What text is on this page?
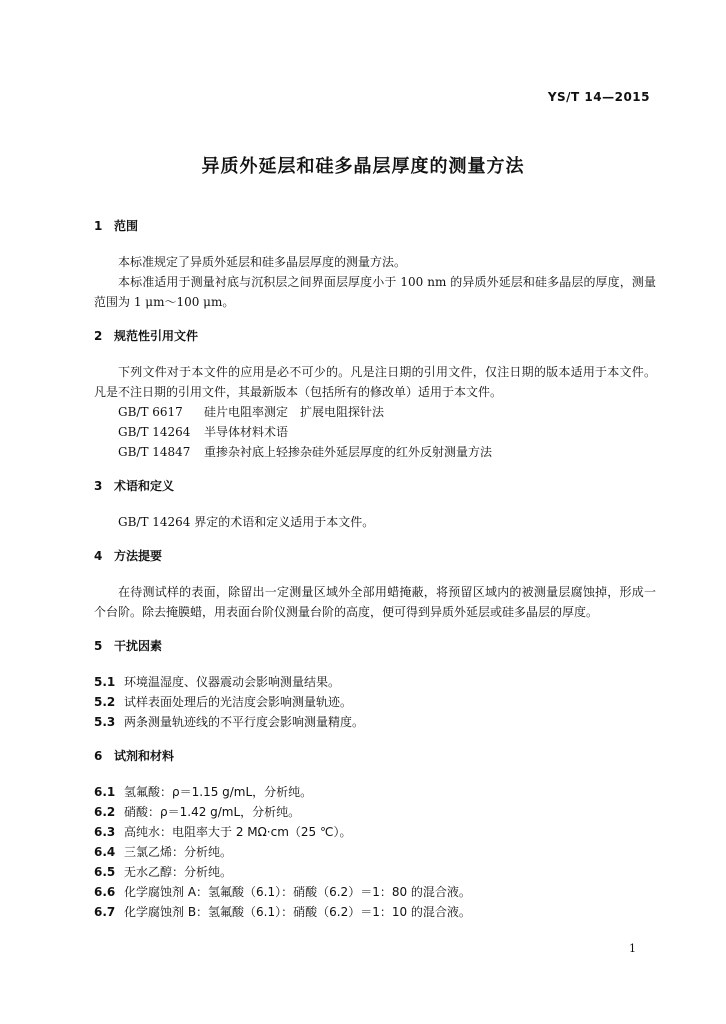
YS/T 14—2015
异质外延层和硅多晶层厚度的测量方法
1 范围
本标准规定了异质外延层和硅多晶层厚度的测量方法。
本标准适用于测量衬底与沉积层之间界面层厚度小于 100 nm 的异质外延层和硅多晶层的厚度，测量范围为 1 μm～100 μm。
2 规范性引用文件
下列文件对于本文件的应用是必不可少的。凡是注日期的引用文件，仅注日期的版本适用于本文件。凡是不注日期的引用文件，其最新版本（包括所有的修改单）适用于本文件。
GB/T 6617 硅片电阻率测定　扩展电阻探针法
GB/T 14264 半导体材料术语
GB/T 14847 重掺杂衬底上轻掺杂硅外延层厚度的红外反射测量方法
3 术语和定义
GB/T 14264 界定的术语和定义适用于本文件。
4 方法提要
在待测试样的表面，除留出一定测量区域外全部用蜡掩蔽，将预留区域内的被测量层腐蚀掉，形成一个台阶。除去掩膜蜡，用表面台阶仪测量台阶的高度，便可得到异质外延层或硅多晶层的厚度。
5 干扰因素
5.1 环境温湿度、仪器震动会影响测量结果。
5.2 试样表面处理后的光洁度会影响测量轨迹。
5.3 两条测量轨迹线的不平行度会影响测量精度。
6 试剂和材料
6.1 氢氟酸：ρ＝1.15 g/mL，分析纯。
6.2 硝酸：ρ＝1.42 g/mL，分析纯。
6.3 高纯水：电阻率大于 2 MΩ·cm（25 ℃）。
6.4 三氯乙烯：分析纯。
6.5 无水乙醇：分析纯。
6.6 化学腐蚀剂 A：氢氟酸（6.1）：硝酸（6.2）＝1：80 的混合液。
6.7 化学腐蚀剂 B：氢氟酸（6.1）：硝酸（6.2）＝1：10 的混合液。
1
